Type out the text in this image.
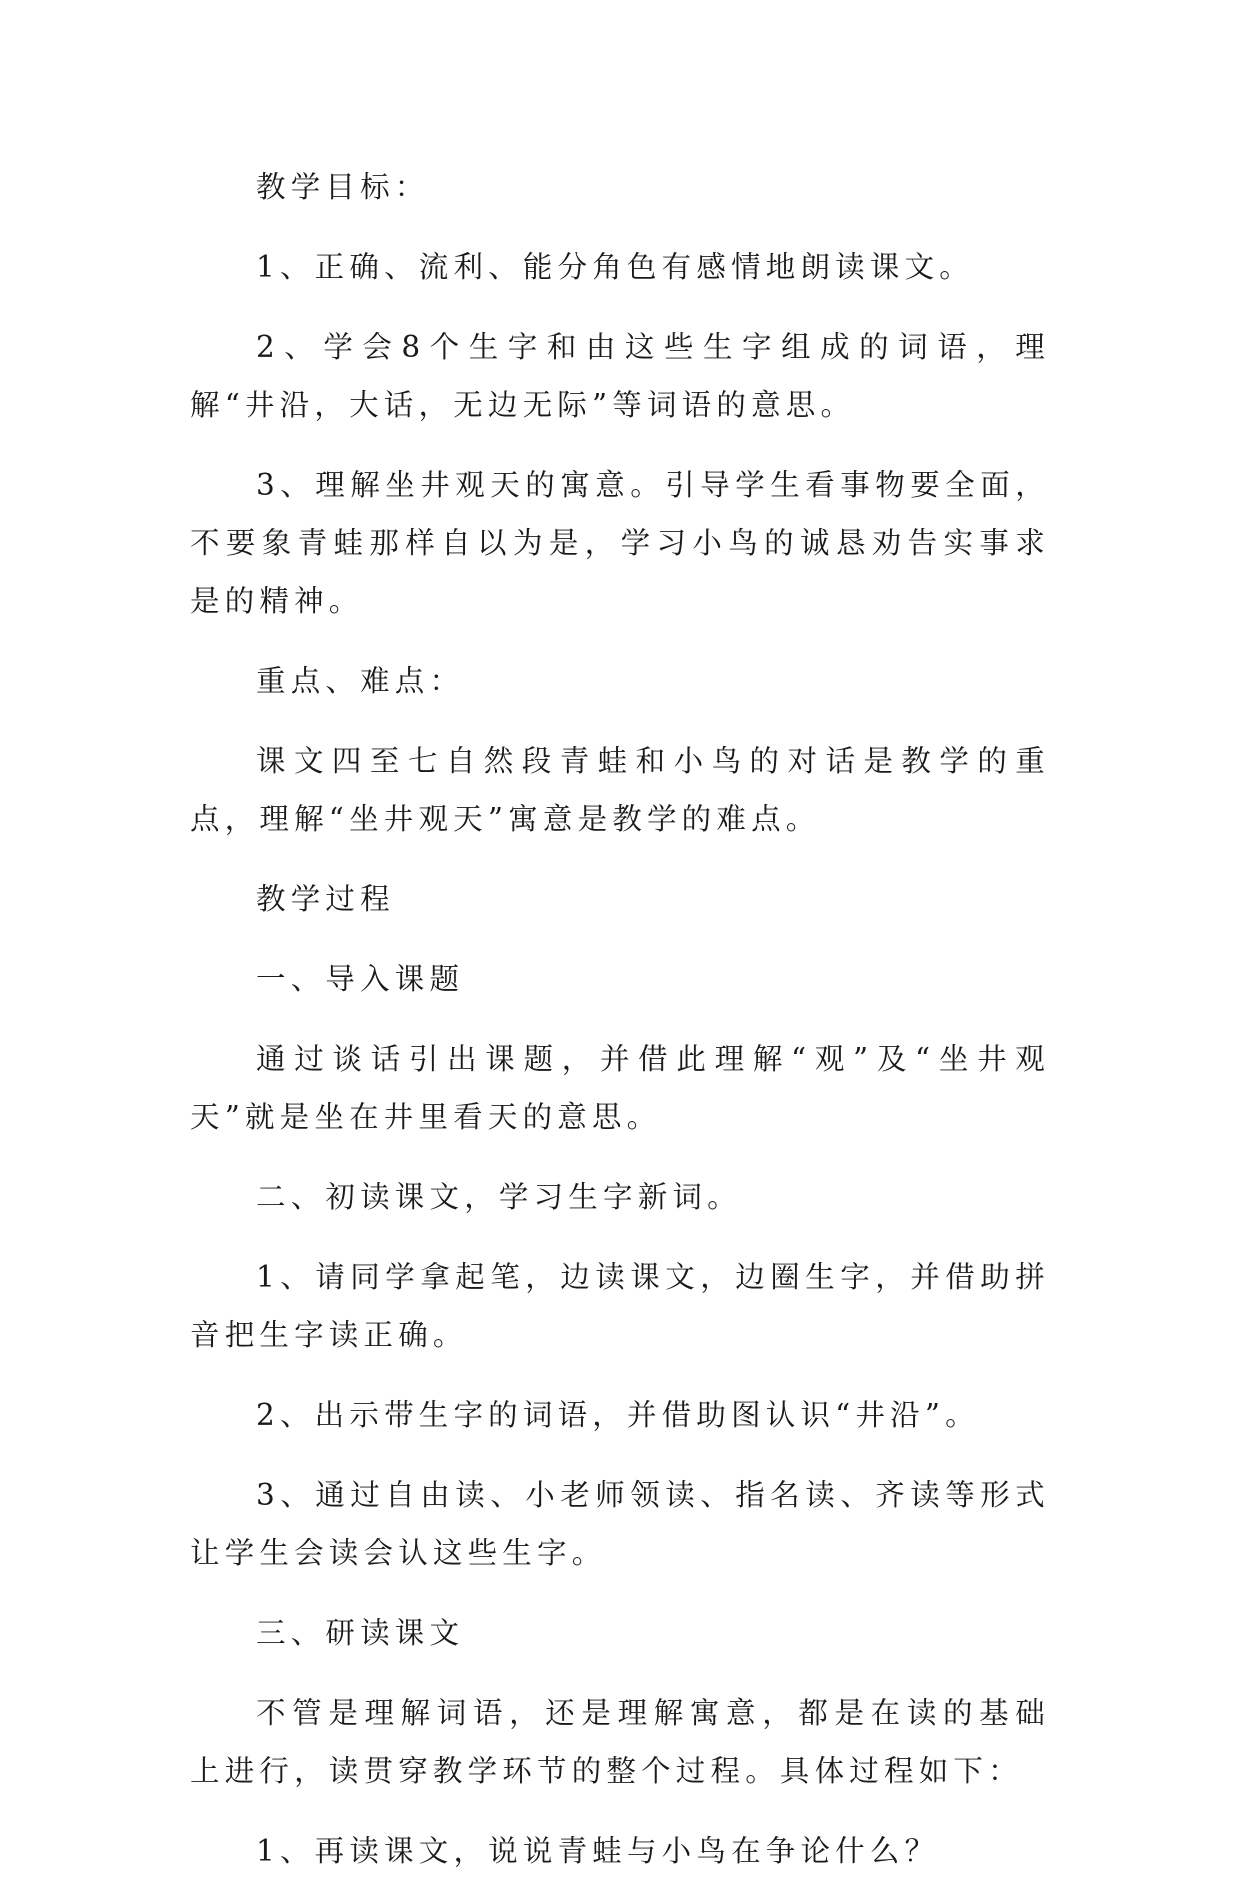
教学目标：

1、正确、流利、能分角色有感情地朗读课文。

2、学会8个生字和由这些生字组成的词语，理解“井沿，大话，无边无际”等词语的意思。

3、理解坐井观天的寓意。引导学生看事物要全面，不要象青蛙那样自以为是，学习小鸟的诚恳劝告实事求是的精神。

重点、难点：

课文四至七自然段青蛙和小鸟的对话是教学的重点，理解“坐井观天”寓意是教学的难点。

教学过程

一、导入课题

通过谈话引出课题，并借此理解“观”及“坐井观天”就是坐在井里看天的意思。

二、初读课文，学习生字新词。

1、请同学拿起笔，边读课文，边圈生字，并借助拼音把生字读正确。

2、出示带生字的词语，并借助图认识“井沿”。

3、通过自由读、小老师领读、指名读、齐读等形式让学生会读会认这些生字。

三、研读课文

不管是理解词语，还是理解寓意，都是在读的基础上进行，读贯穿教学环节的整个过程。具体过程如下：

1、再读课文，说说青蛙与小鸟在争论什么？
